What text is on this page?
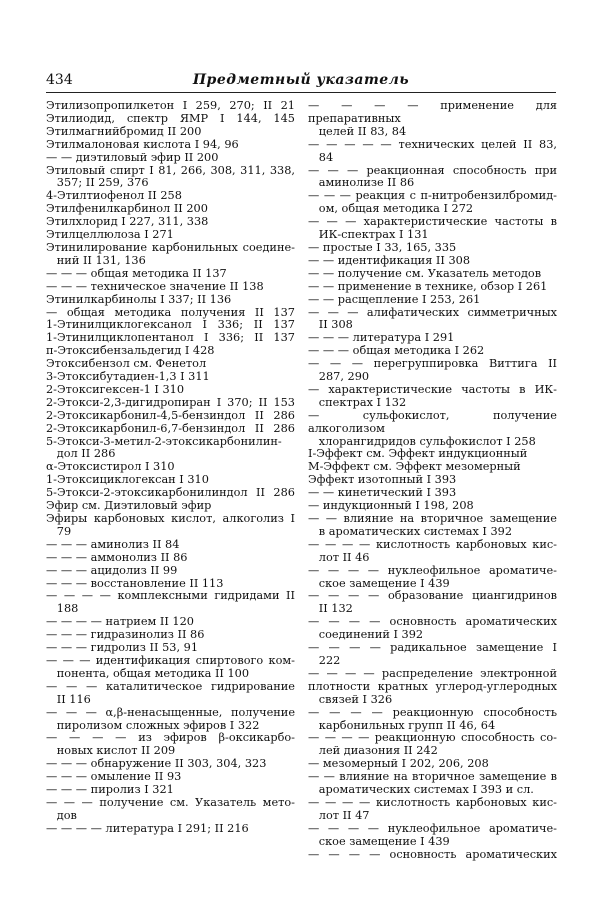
434	Предметный указатель
Этилизопропилкетон I 259, 270; II 21
Этилиодид, спектр ЯМР I 144, 145
Этилмагнийбромид II 200
Этилмалоновая кислота I 94, 96
— — диэтиловый эфир II 200
Этиловый спирт I 81, 266, 308, 311, 338,
357; II 259, 376
4-Этилтиофенол II 258
Этилфенилкарбинол II 200
Этилхлорид I 227, 311, 338
Этилцеллюлоза I 271
Этинилирование карбонильных соедине-
ний II 131, 136
— — — общая методика II 137
— — — техническое значение II 138
Этинилкарбинолы I 337; II 136
— общая методика получения II 137
1-Этинилциклогексанол I 336; II 137
1-Этинилциклопентанол I 336; II 137
п-Этоксибензальдегид I 428
Этоксибензол см. Фенетол
3-Этоксибутадиен-1,3 I 311
2-Этоксигексен-1 I 310
2-Этокси-2,3-дигидропиран I 370; II 153
2-Этоксикарбонил-4,5-бензиндол II 286
2-Этоксикарбонил-6,7-бензиндол II 286
5-Этокси-3-метил-2-этоксикарбонилин-
дол II 286
α-Этоксистирол I 310
1-Этоксициклогексан I 310
5-Этокси-2-этоксикарбонилиндол II 286
Эфир см. Диэтиловый эфир
Эфиры карбоновых кислот, алкоголиз I
79
— — — аминолиз II 84
— — — аммонолиз II 86
— — — ацидолиз II 99
— — — восстановление II 113
— — — — комплексными гидридами II
188
— — — — натрием II 120
— — — гидразинолиз II 86
— — — гидролиз II 53, 91
— — — идентификация спиртового ком-
понента, общая методика II 100
— — — каталитическое гидрирование
II 116
— — — α,β-ненасыщенные, получение
пиролизом сложных эфиров I 322
— — — — из эфиров β-оксикарбо-
новых кислот II 209
— — — обнаружение II 303, 304, 323
— — — омыление II 93
— — — пиролиз I 321
— — — получение см. Указатель мето-
дов
— — — — литература I 291; II 216
— — — — применение для препаративных
целей II 83, 84
— — — — — технических целей II 83,
84
— — — реакционная способность при
аминолизе II 86
— — — реакция с п-нитробензилбромид-
ом, общая методика I 272
— — — характеристические частоты в
ИК-спектрах I 131
— простые I 33, 165, 335
— — идентификация II 308
— — получение см. Указатель методов
— — применение в технике, обзор I 261
— — расщепление I 253, 261
— — — алифатических симметричных
II 308
— — — литература I 291
— — — общая методика I 262
— — — перегруппировка Виттига II
287, 290
— характеристические частоты в ИК-
спектрах I 132
— сульфокислот, получение алкоголизом
хлорангидридов сульфокислот I 258
I-Эффект см. Эффект индукционный
М-Эффект см. Эффект мезомерный
Эффект изотопный I 393
— — кинетический I 393
— индукционный I 198, 208
— — влияние на вторичное замещение
в ароматических системах I 392
— — — — кислотность карбоновых кис-
лот II 46
— — — — нуклеофильное ароматиче-
ское замещение I 439
— — — — образование циангидринов
II 132
— — — — основность ароматических
соединений I 392
— — — — радикальное замещение I
222
— — — — распределение электронной
плотности кратных углерод-углеродных
связей I 326
— — — — реакционную способность
карбонильных групп II 46, 64
— — — — реакционную способность со-
лей диазония II 242
— мезомерный I 202, 206, 208
— — влияние на вторичное замещение в
ароматических системах I 393 и сл.
— — — — кислотность карбоновых кис-
лот II 47
— — — — нуклеофильное ароматиче-
ское замещение I 439
— — — — основность ароматических
